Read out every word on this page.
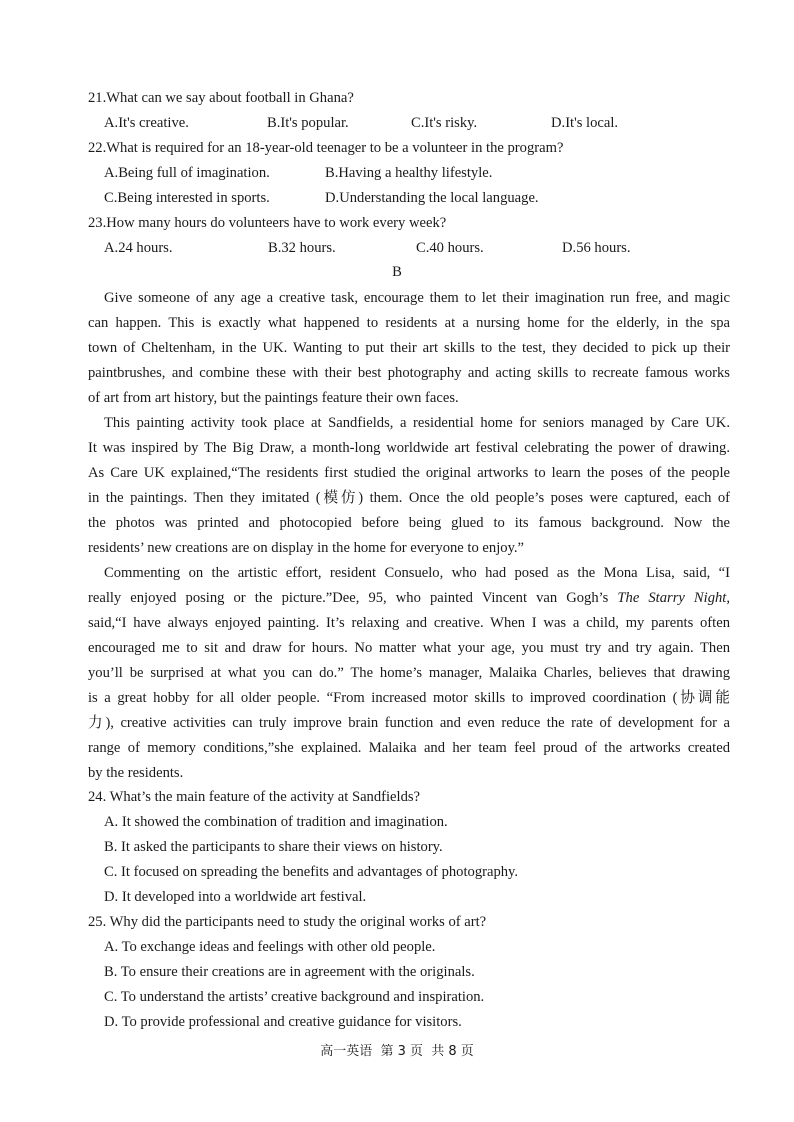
21.What can we say about football in Ghana?
A.It's creative.	B.It's popular.	C.It's risky.	D.It's local.
22.What is required for an 18-year-old teenager to be a volunteer in the program?
A.Being full of imagination.	B.Having a healthy lifestyle.
C.Being interested in sports.	D.Understanding the local language.
23.How many hours do volunteers have to work every week?
A.24 hours.	B.32 hours.	C.40 hours.	D.56 hours.
B
Give someone of any age a creative task, encourage them to let their imagination run free, and magic
can happen. This is exactly what happened to residents at a nursing home for the elderly, in the spa
town of Cheltenham, in the UK. Wanting to put their art skills to the test, they decided to pick up their
paintbrushes, and combine these with their best photography and acting skills to recreate famous works
of art from art history, but the paintings feature their own faces.
This painting activity took place at Sandfields, a residential home for seniors managed by Care UK.
It was inspired by The Big Draw, a month-long worldwide art festival celebrating the power of drawing.
As Care UK explained,“The residents first studied the original artworks to learn the poses of the people
in the paintings. Then they imitated (模仿) them. Once the old people’s poses were captured, each of
the photos was printed and photocopied before being glued to its famous background. Now the
residents’ new creations are on display in the home for everyone to enjoy.”
Commenting on the artistic effort, resident Consuelo, who had posed as the Mona Lisa, said, “I
really enjoyed posing or the picture.”Dee, 95, who painted Vincent van Gogh’s The Starry Night,
said,“I have always enjoyed painting. It’s relaxing and creative. When I was a child, my parents often
encouraged me to sit and draw for hours. No matter what your age, you must try and try again. Then
you’ll be surprised at what you can do.” The home’s manager, Malaika Charles, believes that drawing
is a great hobby for all older people. “From increased motor skills to improved coordination (协调能
力), creative activities can truly improve brain function and even reduce the rate of development for a
range of memory conditions,”she explained. Malaika and her team feel proud of the artworks created
by the residents.
24. What’s the main feature of the activity at Sandfields?
A. It showed the combination of tradition and imagination.
B. It asked the participants to share their views on history.
C. It focused on spreading the benefits and advantages of photography.
D. It developed into a worldwide art festival.
25. Why did the participants need to study the original works of art?
A. To exchange ideas and feelings with other old people.
B. To ensure their creations are in agreement with the originals.
C. To understand the artists’ creative background and inspiration.
D. To provide professional and creative guidance for visitors.
高一英语  第 3 页  共 8 页
